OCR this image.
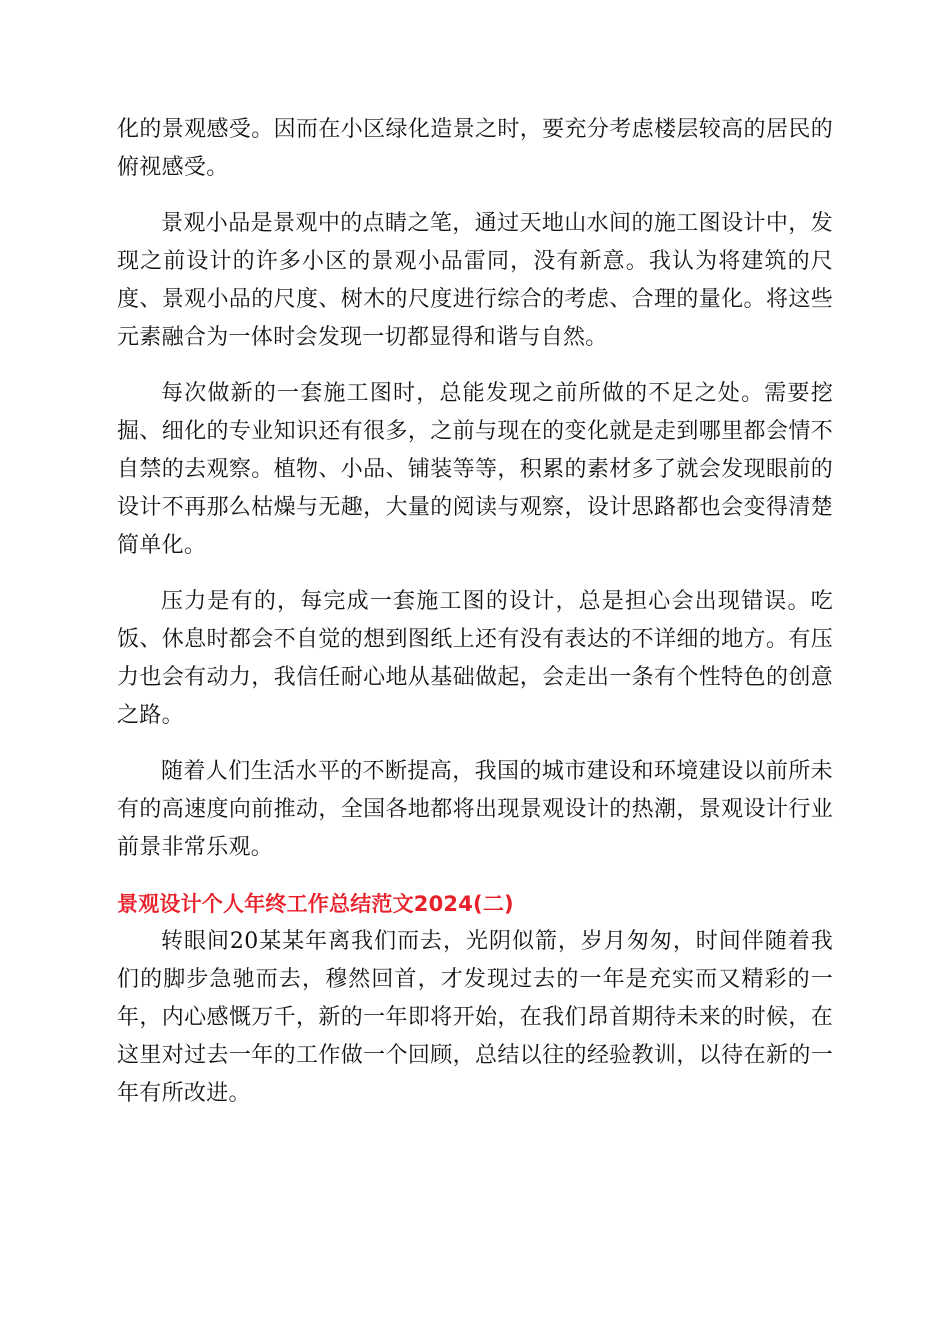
化的景观感受。因而在小区绿化造景之时，要充分考虑楼层较高的居民的俯视感受。

景观小品是景观中的点睛之笔，通过天地山水间的施工图设计中，发现之前设计的许多小区的景观小品雷同，没有新意。我认为将建筑的尺度、景观小品的尺度、树木的尺度进行综合的考虑、合理的量化。将这些元素融合为一体时会发现一切都显得和谐与自然。

每次做新的一套施工图时，总能发现之前所做的不足之处。需要挖掘、细化的专业知识还有很多，之前与现在的变化就是走到哪里都会情不自禁的去观察。植物、小品、铺装等等，积累的素材多了就会发现眼前的设计不再那么枯燥与无趣，大量的阅读与观察，设计思路都也会变得清楚简单化。

压力是有的，每完成一套施工图的设计，总是担心会出现错误。吃饭、休息时都会不自觉的想到图纸上还有没有表达的不详细的地方。有压力也会有动力，我信任耐心地从基础做起，会走出一条有个性特色的创意之路。

随着人们生活水平的不断提高，我国的城市建设和环境建设以前所未有的高速度向前推动，全国各地都将出现景观设计的热潮，景观设计行业前景非常乐观。

景观设计个人年终工作总结范文2024(二)

转眼间20某某年离我们而去，光阴似箭，岁月匆匆，时间伴随着我们的脚步急驰而去，穆然回首，才发现过去的一年是充实而又精彩的一年，内心感慨万千，新的一年即将开始，在我们昂首期待未来的时候，在这里对过去一年的工作做一个回顾，总结以往的经验教训，以待在新的一年有所改进。
